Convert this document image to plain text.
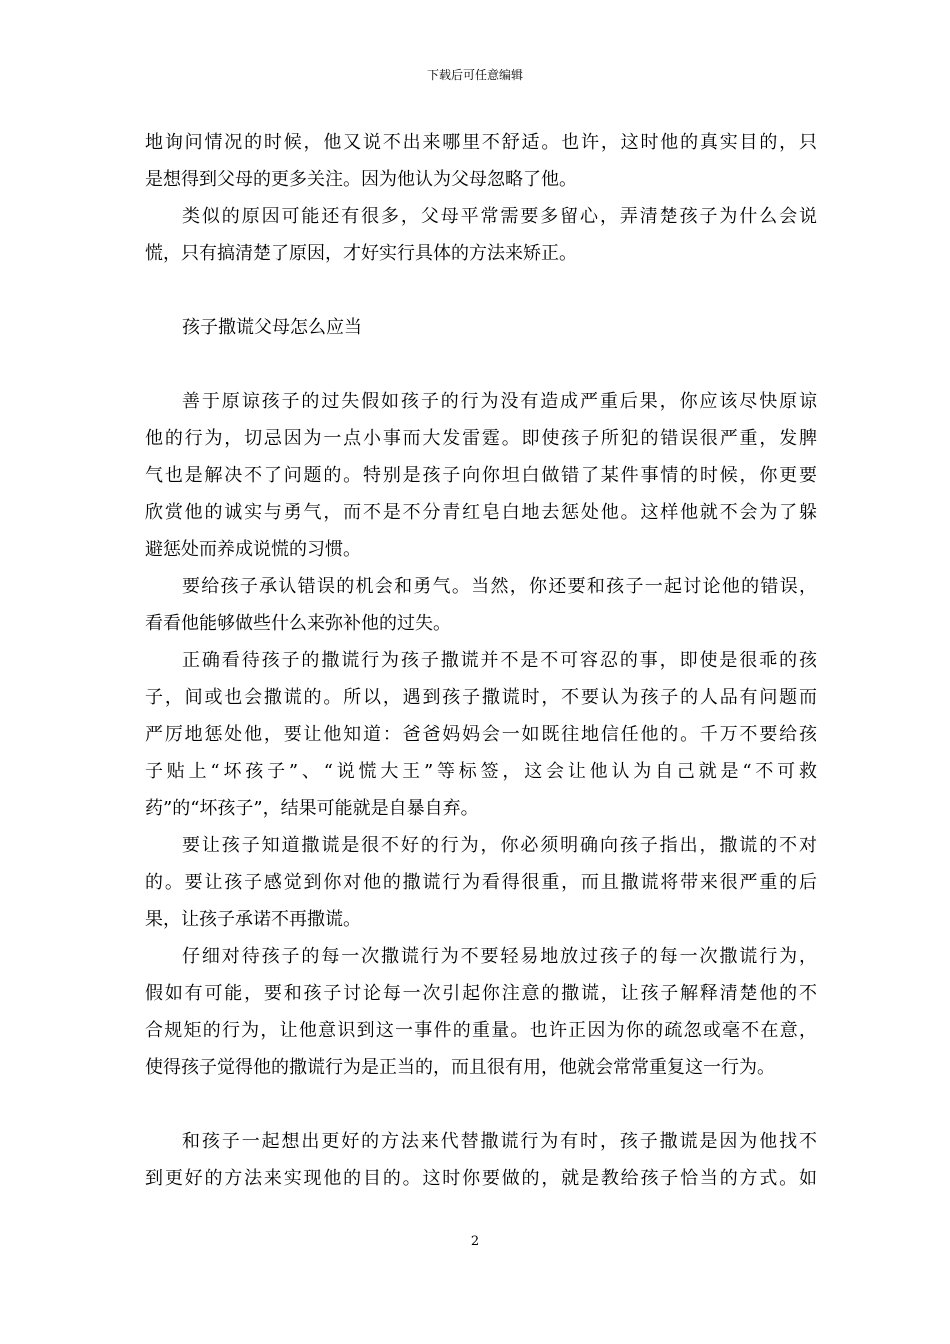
下载后可任意编辑
地询问情况的时候，他又说不出来哪里不舒适。也许，这时他的真实目的，只
是想得到父母的更多关注。因为他认为父母忽略了他。
类似的原因可能还有很多，父母平常需要多留心，弄清楚孩子为什么会说
慌，只有搞清楚了原因，才好实行具体的方法来矫正。
孩子撒谎父母怎么应当
善于原谅孩子的过失假如孩子的行为没有造成严重后果，你应该尽快原谅
他的行为，切忌因为一点小事而大发雷霆。即使孩子所犯的错误很严重，发脾
气也是解决不了问题的。特别是孩子向你坦白做错了某件事情的时候，你更要
欣赏他的诚实与勇气，而不是不分青红皂白地去惩处他。这样他就不会为了躲
避惩处而养成说慌的习惯。
要给孩子承认错误的机会和勇气。当然，你还要和孩子一起讨论他的错误，
看看他能够做些什么来弥补他的过失。
正确看待孩子的撒谎行为孩子撒谎并不是不可容忍的事，即使是很乖的孩
子，间或也会撒谎的。所以，遇到孩子撒谎时，不要认为孩子的人品有问题而
严厉地惩处他，要让他知道：爸爸妈妈会一如既往地信任他的。千万不要给孩
子贴上“坏孩子”、“说慌大王”等标签，这会让他认为自己就是“不可救
药”的“坏孩子”，结果可能就是自暴自弃。
要让孩子知道撒谎是很不好的行为，你必须明确向孩子指出，撒谎的不对
的。要让孩子感觉到你对他的撒谎行为看得很重，而且撒谎将带来很严重的后
果，让孩子承诺不再撒谎。
仔细对待孩子的每一次撒谎行为不要轻易地放过孩子的每一次撒谎行为，
假如有可能，要和孩子讨论每一次引起你注意的撒谎，让孩子解释清楚他的不
合规矩的行为，让他意识到这一事件的重量。也许正因为你的疏忽或毫不在意，
使得孩子觉得他的撒谎行为是正当的，而且很有用，他就会常常重复这一行为。
和孩子一起想出更好的方法来代替撒谎行为有时，孩子撒谎是因为他找不
到更好的方法来实现他的目的。这时你要做的，就是教给孩子恰当的方式。如
2
